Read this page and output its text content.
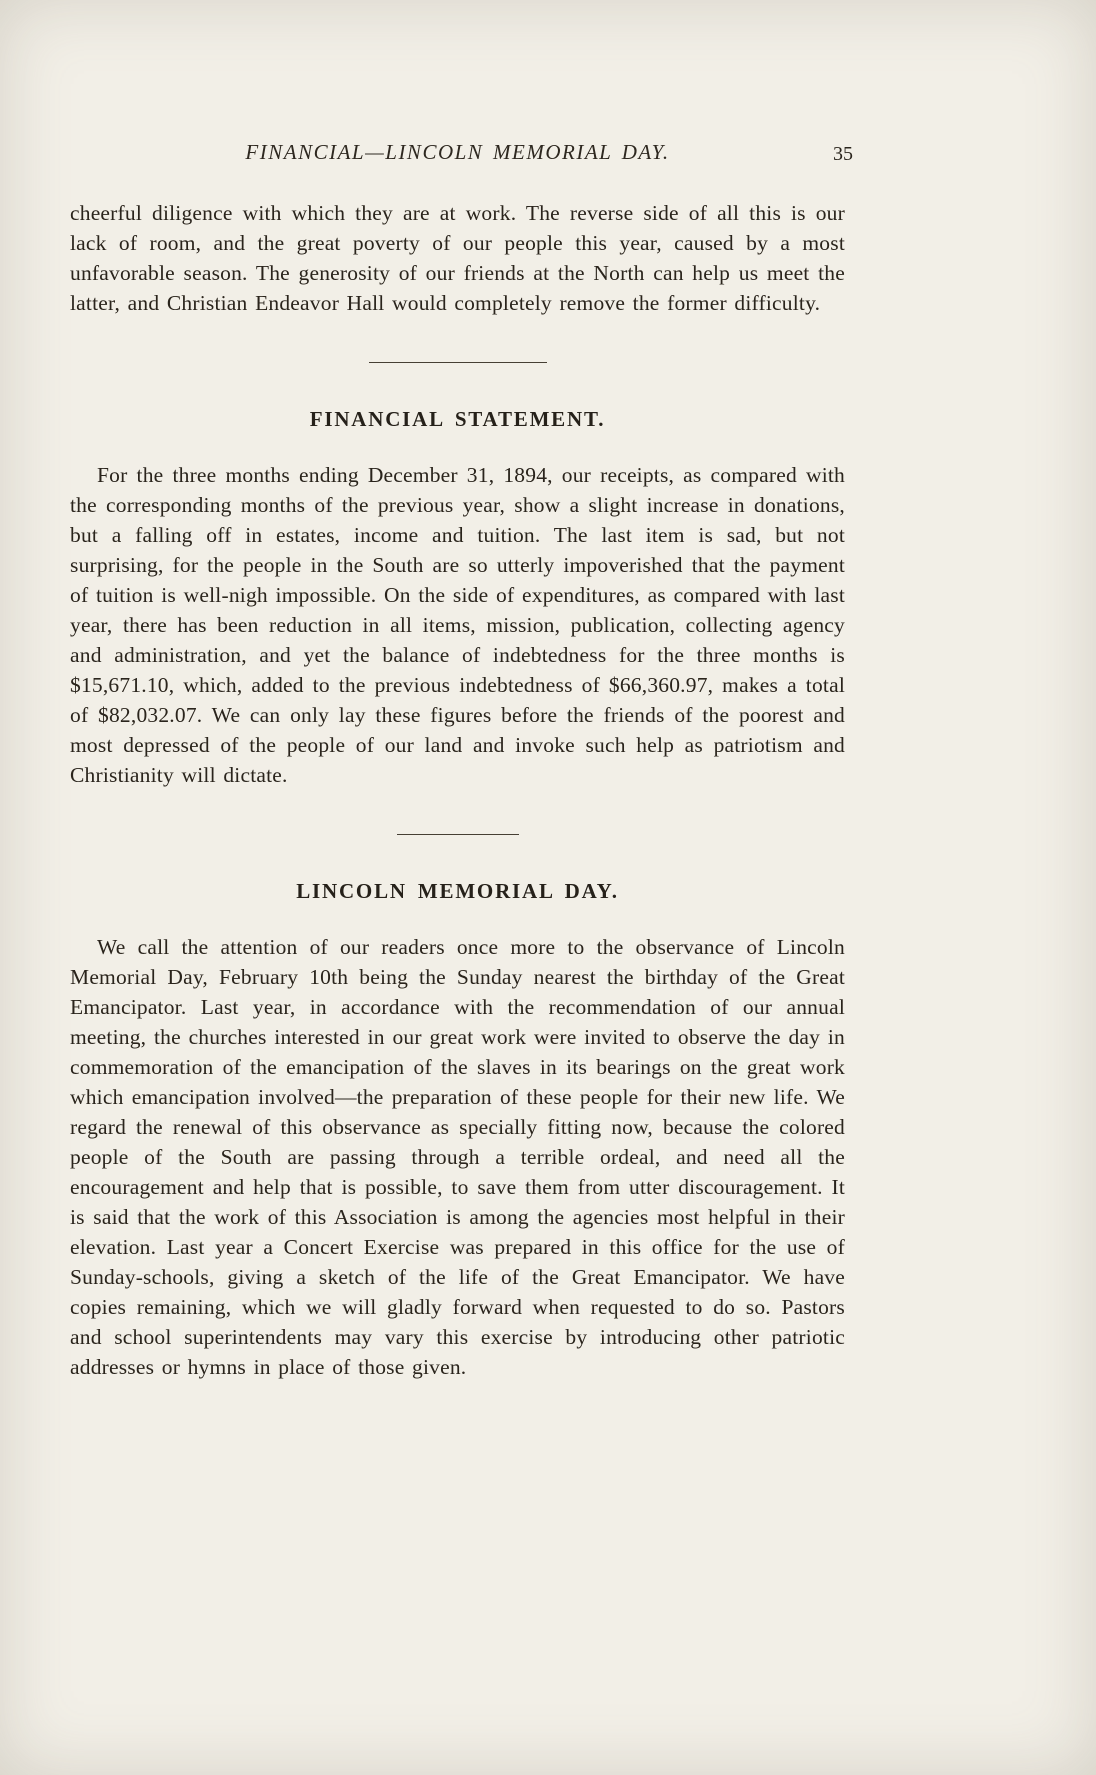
FINANCIAL—LINCOLN MEMORIAL DAY.	35

cheerful diligence with which they are at work. The reverse side of all this is our lack of room, and the great poverty of our people this year, caused by a most unfavorable season. The generosity of our friends at the North can help us meet the latter, and Christian Endeavor Hall would completely remove the former difficulty.

FINANCIAL STATEMENT.

For the three months ending December 31, 1894, our receipts, as compared with the corresponding months of the previous year, show a slight increase in donations, but a falling off in estates, income and tuition. The last item is sad, but not surprising, for the people in the South are so utterly impoverished that the payment of tuition is well-nigh impossible. On the side of expenditures, as compared with last year, there has been reduction in all items, mission, publication, collecting agency and administration, and yet the balance of indebtedness for the three months is $15,671.10, which, added to the previous indebtedness of $66,360.97, makes a total of $82,032.07. We can only lay these figures before the friends of the poorest and most depressed of the people of our land and invoke such help as patriotism and Christianity will dictate.

LINCOLN MEMORIAL DAY.

We call the attention of our readers once more to the observance of Lincoln Memorial Day, February 10th being the Sunday nearest the birthday of the Great Emancipator. Last year, in accordance with the recommendation of our annual meeting, the churches interested in our great work were invited to observe the day in commemoration of the emancipation of the slaves in its bearings on the great work which emancipation involved—the preparation of these people for their new life. We regard the renewal of this observance as specially fitting now, because the colored people of the South are passing through a terrible ordeal, and need all the encouragement and help that is possible, to save them from utter discouragement. It is said that the work of this Association is among the agencies most helpful in their elevation. Last year a Concert Exercise was prepared in this office for the use of Sunday-schools, giving a sketch of the life of the Great Emancipator. We have copies remaining, which we will gladly forward when requested to do so. Pastors and school superintendents may vary this exercise by introducing other patriotic addresses or hymns in place of those given.
